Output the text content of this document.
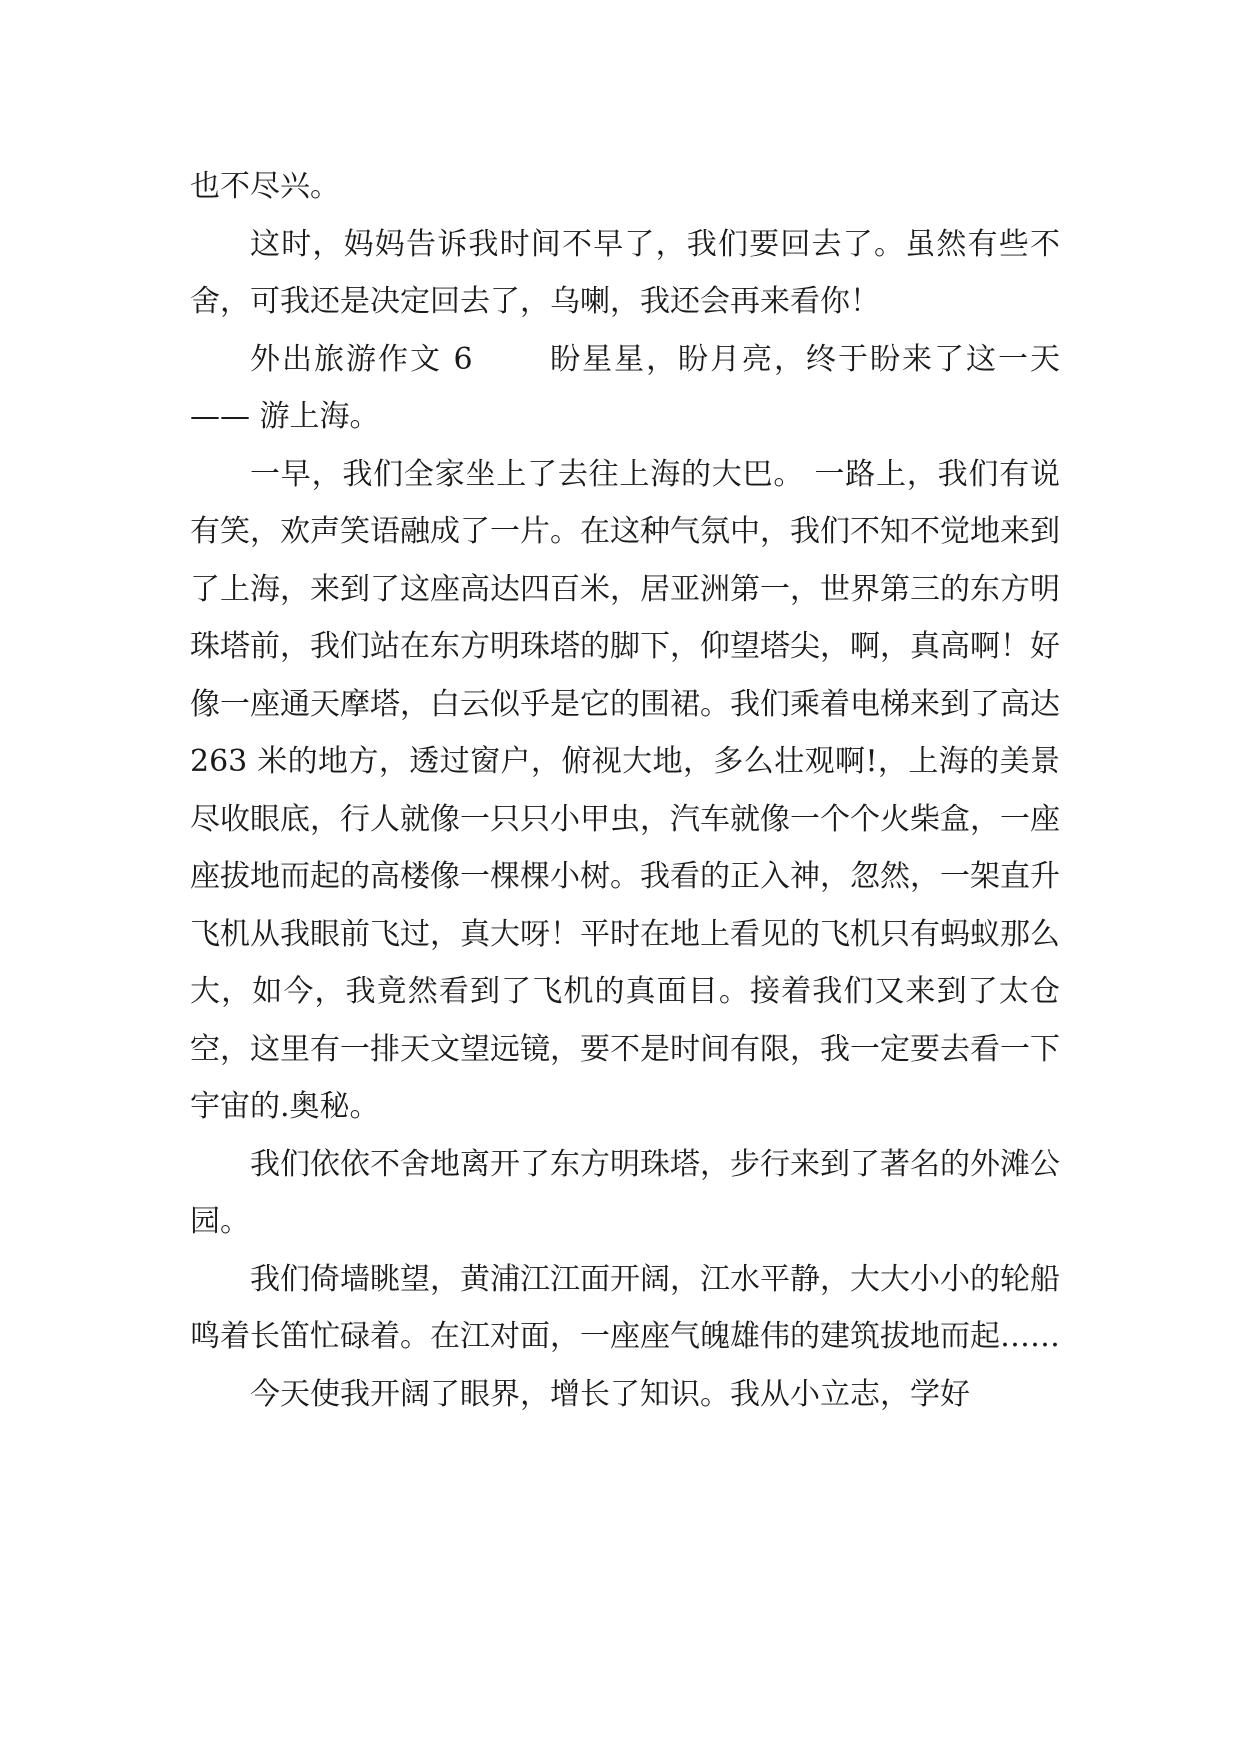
也不尽兴。

这时，妈妈告诉我时间不早了，我们要回去了。虽然有些不舍，可我还是决定回去了，乌喇，我还会再来看你！

外出旅游作文 6　　 盼星星，盼月亮，终于盼来了这一天 —— 游上海。

一早，我们全家坐上了去往上海的大巴。 一路上，我们有说有笑，欢声笑语融成了一片。在这种气氛中，我们不知不觉地来到了上海，来到了这座高达四百米，居亚洲第一，世界第三的东方明珠塔前，我们站在东方明珠塔的脚下，仰望塔尖，啊，真高啊！好像一座通天摩塔，白云似乎是它的围裙。我们乘着电梯来到了高达 263 米的地方，透过窗户，俯视大地，多么壮观啊!，上海的美景尽收眼底，行人就像一只只小甲虫，汽车就像一个个火柴盒，一座座拔地而起的高楼像一棵棵小树。我看的正入神，忽然，一架直升飞机从我眼前飞过，真大呀！平时在地上看见的飞机只有蚂蚁那么大，如今，我竟然看到了飞机的真面目。接着我们又来到了太仓空，这里有一排天文望远镜，要不是时间有限，我一定要去看一下宇宙的.奥秘。

我们依依不舍地离开了东方明珠塔，步行来到了著名的外滩公园。

我们倚墙眺望，黄浦江江面开阔，江水平静，大大小小的轮船鸣着长笛忙碌着。在江对面，一座座气魄雄伟的建筑拔地而起……

今天使我开阔了眼界，增长了知识。我从小立志，学好
